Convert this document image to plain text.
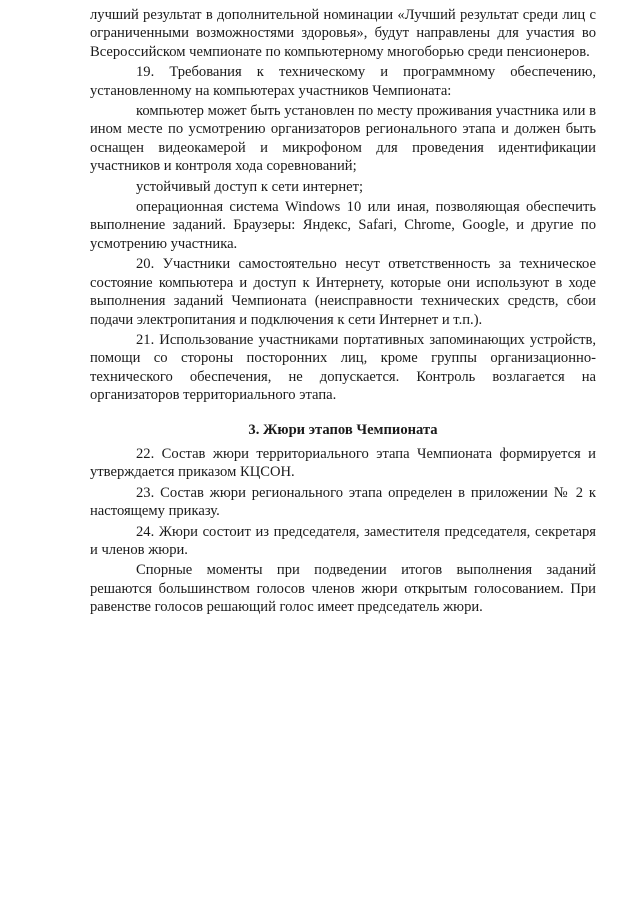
лучший результат в дополнительной номинации «Лучший результат среди лиц с ограниченными возможностями здоровья», будут направлены для участия во Всероссийском чемпионате по компьютерному многоборью среди пенсионеров.

19. Требования к техническому и программному обеспечению, установленному на компьютерах участников Чемпионата:

компьютер может быть установлен по месту проживания участника или в ином месте по усмотрению организаторов регионального этапа и должен быть оснащен видеокамерой и микрофоном для проведения идентификации участников и контроля хода соревнований;

устойчивый доступ к сети интернет;

операционная система Windows 10 или иная, позволяющая обеспечить выполнение заданий. Браузеры: Яндекс, Safari, Chrome, Google, и другие по усмотрению участника.

20. Участники самостоятельно несут ответственность за техническое состояние компьютера и доступ к Интернету, которые они используют в ходе выполнения заданий Чемпионата (неисправности технических средств, сбои подачи электропитания и подключения к сети Интернет и т.п.).

21. Использование участниками портативных запоминающих устройств, помощи со стороны посторонних лиц, кроме группы организационно-технического обеспечения, не допускается. Контроль возлагается на организаторов территориального этапа.

3. Жюри этапов Чемпионата

22. Состав жюри территориального этапа Чемпионата формируется и утверждается приказом КЦСОН.

23. Состав жюри регионального этапа определен в приложении № 2 к настоящему приказу.

24. Жюри состоит из председателя, заместителя председателя, секретаря и членов жюри.

Спорные моменты при подведении итогов выполнения заданий решаются большинством голосов членов жюри открытым голосованием. При равенстве голосов решающий голос имеет председатель жюри.
